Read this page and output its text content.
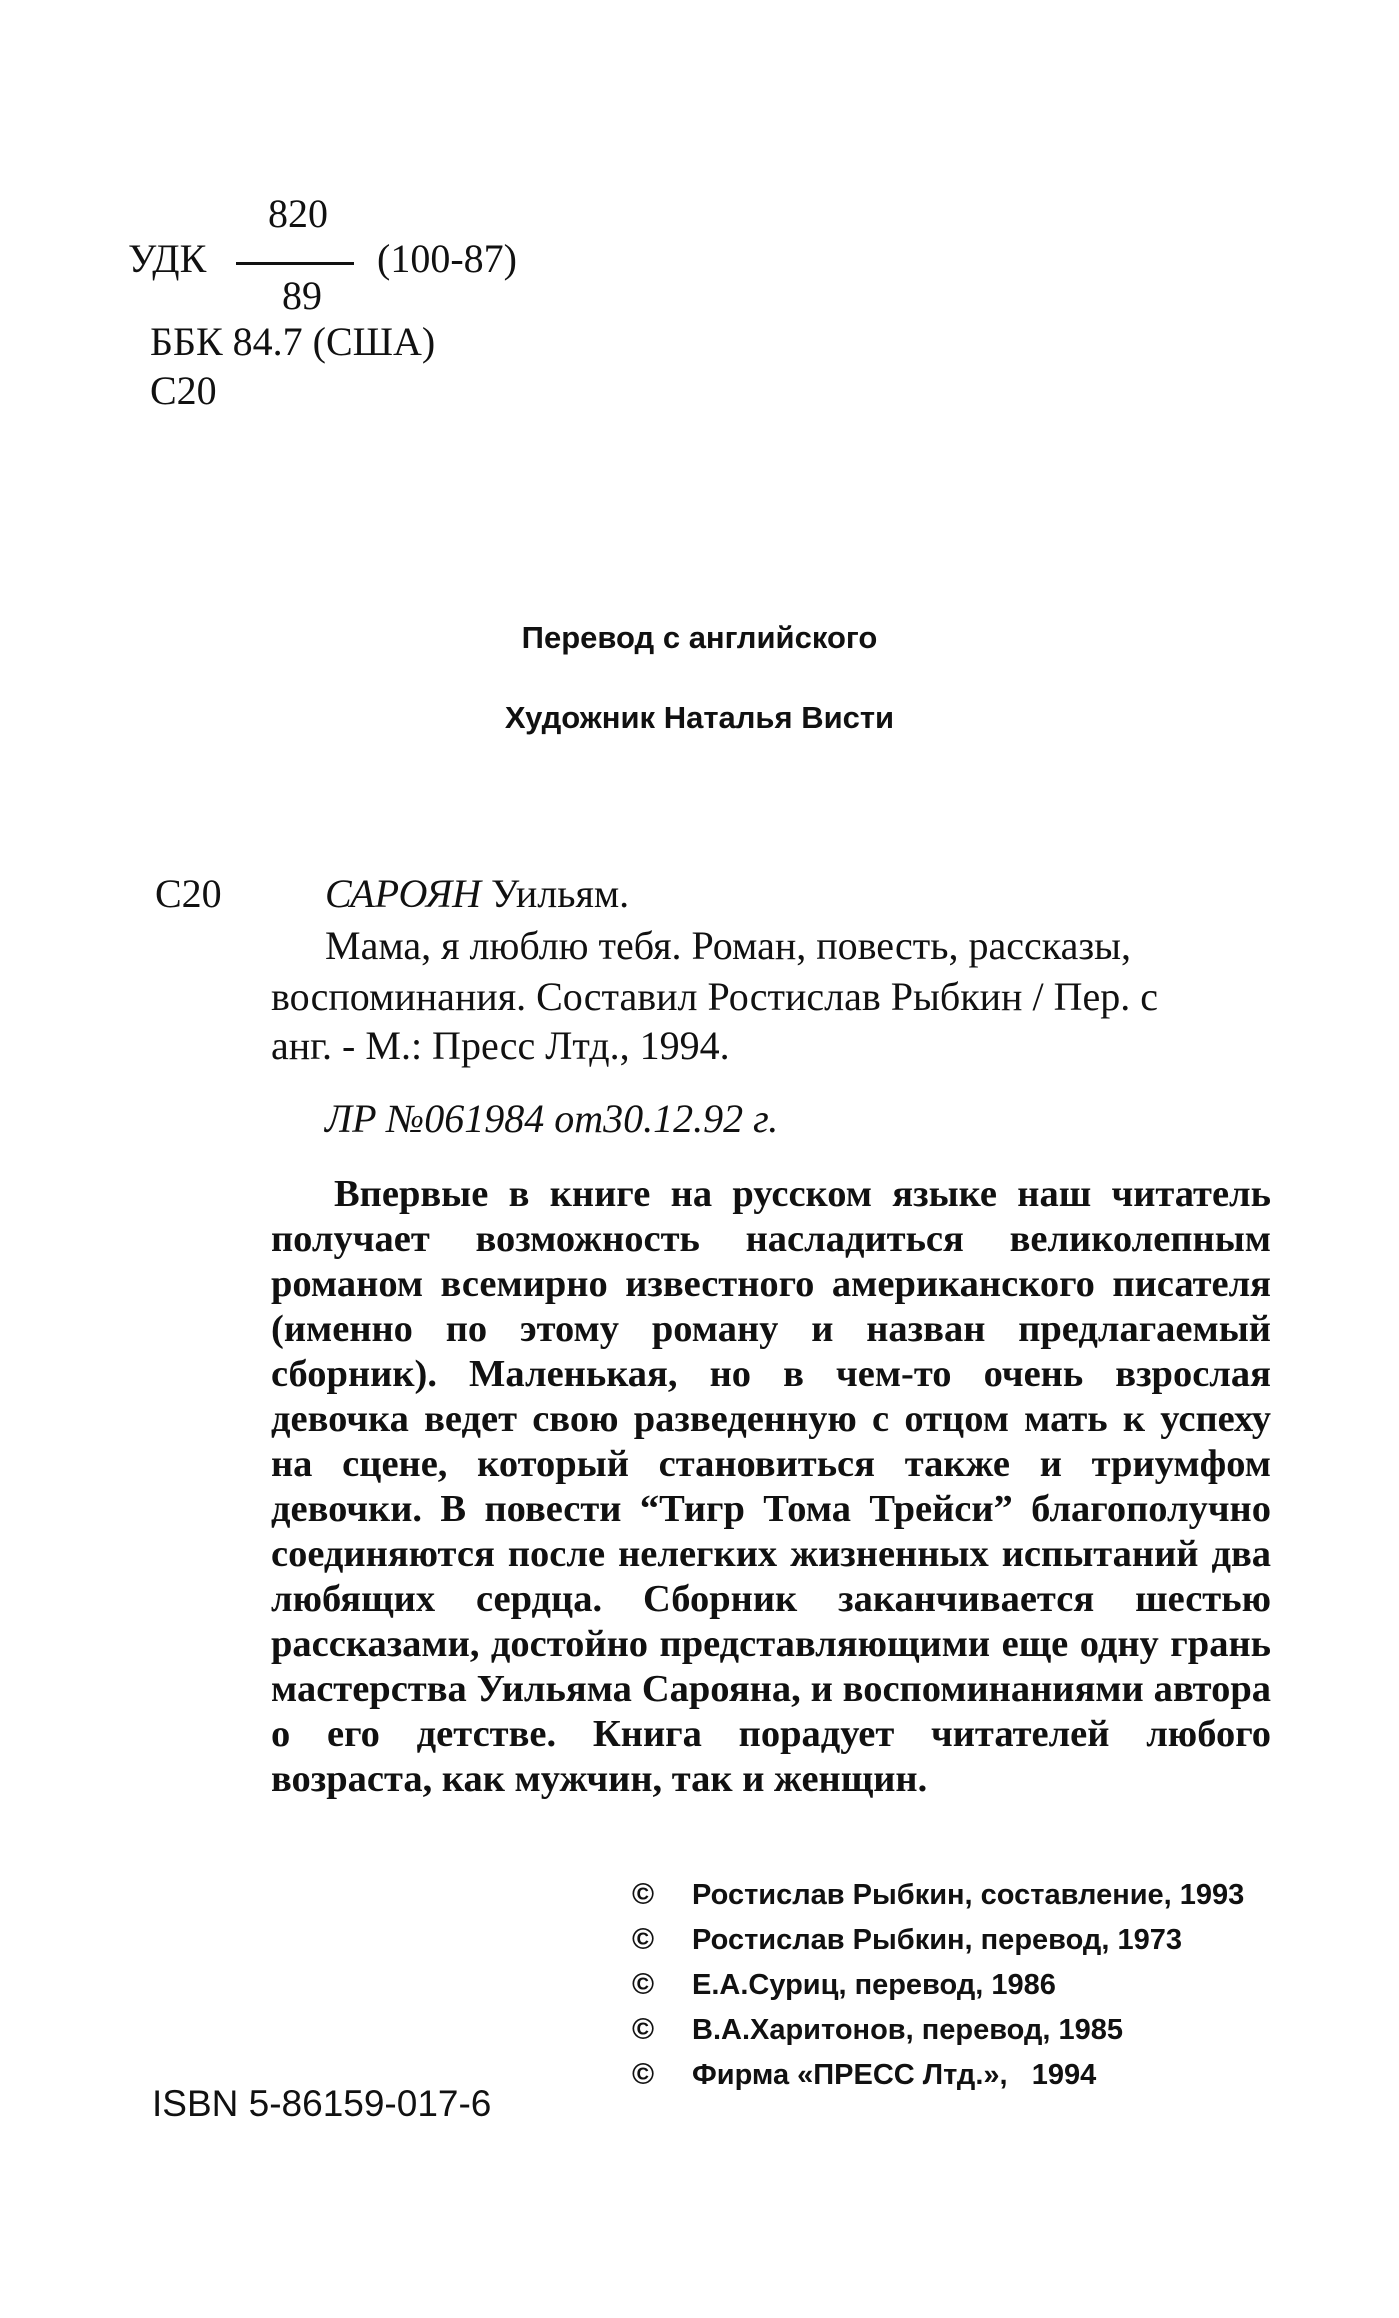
820
УДК	(100-87)
89
ББК 84.7 (США)
С20
Перевод с английского
Художник Наталья Висти
С20	САРОЯН Уильям.
Мама, я люблю тебя. Роман, повесть, рассказы,
воспоминания. Составил Ростислав Рыбкин / Пер. с
анг. - М.: Пресс Лтд., 1994.
ЛР №061984 от30.12.92 г.
Впервые в книге на русском языке наш читатель получает возможность насладиться великолепным романом всемирно известного американского писателя (именно по этому роману и назван предлагаемый сборник). Маленькая, но в чем-то очень взрослая девочка ведет свою разведенную с отцом мать к успеху на сцене, который становиться также и триумфом девочки. В повести “Тигр Тома Трейси” благополучно соединяются после нелегких жизненных испытаний два любящих сердца. Сборник заканчивается шестью рассказами, достойно представляющими еще одну грань мастерства Уильяма Сарояна, и воспоминаниями автора о его детстве. Книга порадует читателей любого возраста, как мужчин, так и женщин.
© Ростислав Рыбкин, составление, 1993
© Ростислав Рыбкин, перевод, 1973
© Е.А.Суриц, перевод, 1986
© В.А.Харитонов, перевод, 1985
© Фирма «ПРЕСС Лтд.»,   1994
ISBN 5-86159-017-6
